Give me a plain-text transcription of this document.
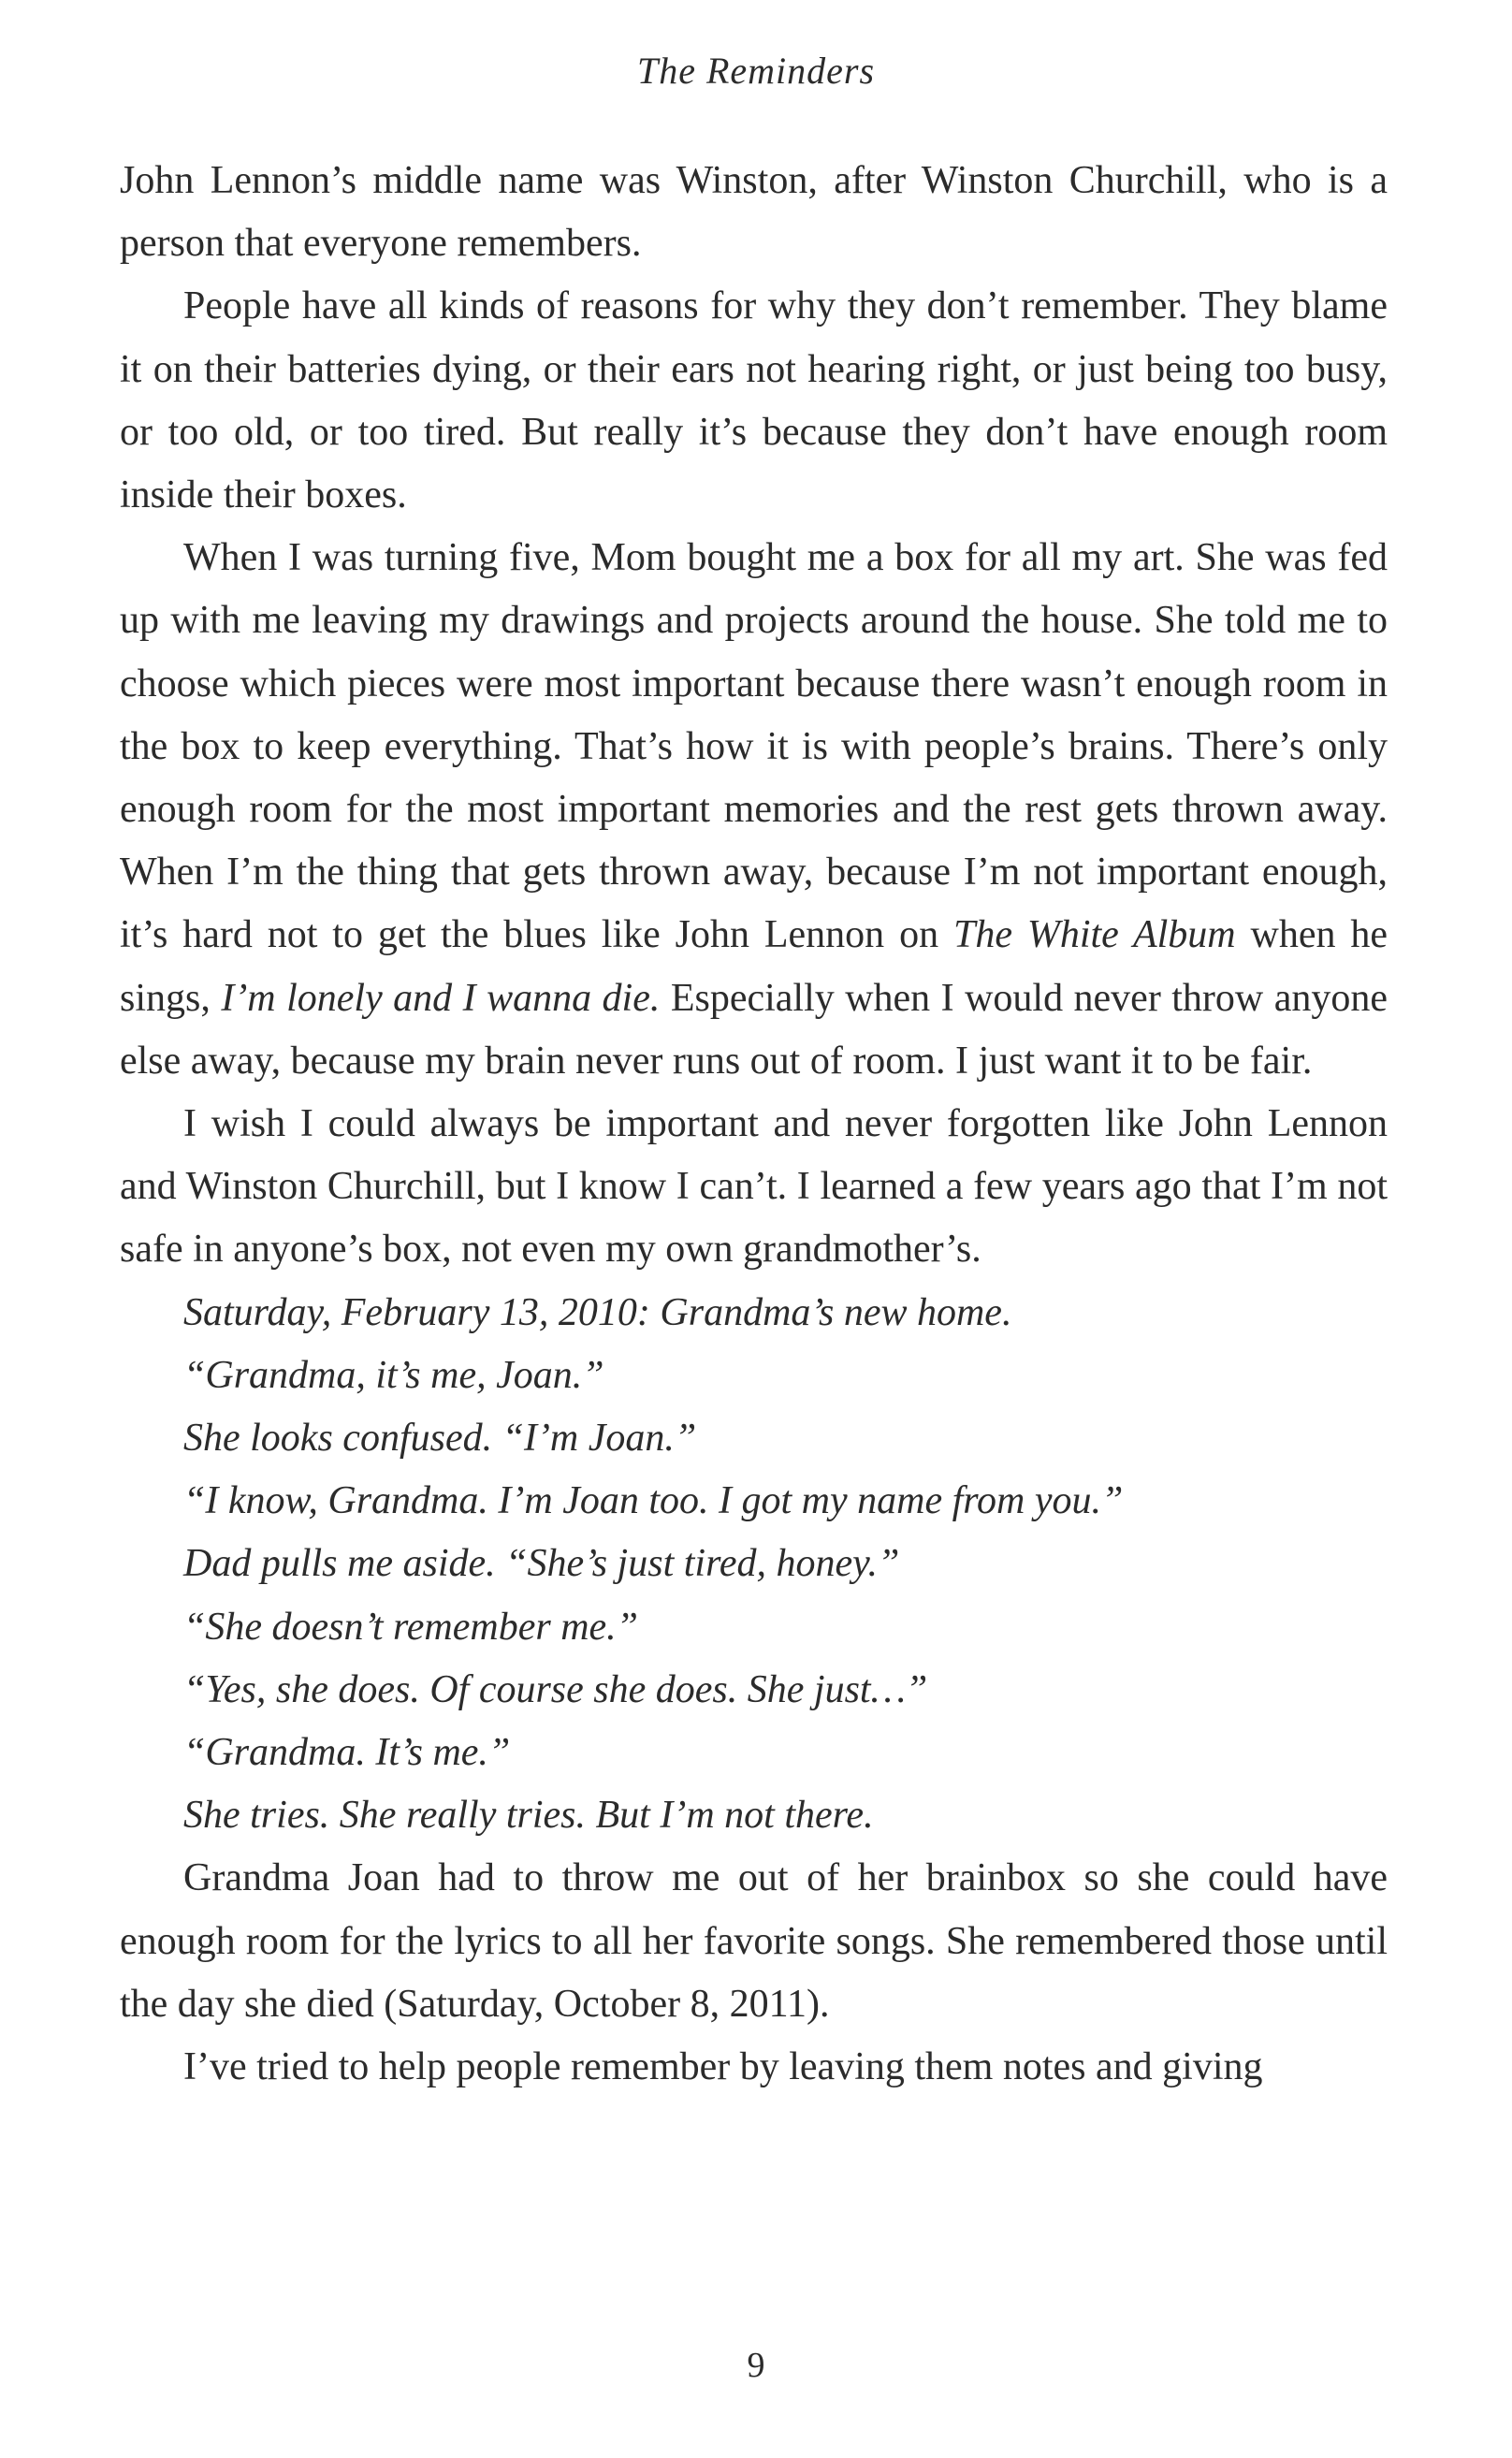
The Reminders

John Lennon’s middle name was Winston, after Winston Churchill, who is a person that everyone remembers.

People have all kinds of reasons for why they don’t remember. They blame it on their batteries dying, or their ears not hearing right, or just being too busy, or too old, or too tired. But really it’s because they don’t have enough room inside their boxes.

When I was turning five, Mom bought me a box for all my art. She was fed up with me leaving my drawings and projects around the house. She told me to choose which pieces were most important because there wasn’t enough room in the box to keep everything. That’s how it is with people’s brains. There’s only enough room for the most important memories and the rest gets thrown away. When I’m the thing that gets thrown away, because I’m not important enough, it’s hard not to get the blues like John Lennon on The White Album when he sings, I’m lonely and I wanna die. Especially when I would never throw anyone else away, because my brain never runs out of room. I just want it to be fair.

I wish I could always be important and never forgotten like John Lennon and Winston Churchill, but I know I can’t. I learned a few years ago that I’m not safe in anyone’s box, not even my own grandmother’s.

Saturday, February 13, 2010: Grandma’s new home.

“Grandma, it’s me, Joan.”

She looks confused. “I’m Joan.”

“I know, Grandma. I’m Joan too. I got my name from you.”

Dad pulls me aside. “She’s just tired, honey.”

“She doesn’t remember me.”

“Yes, she does. Of course she does. She just…”

“Grandma. It’s me.”

She tries. She really tries. But I’m not there.

Grandma Joan had to throw me out of her brainbox so she could have enough room for the lyrics to all her favorite songs. She remembered those until the day she died (Saturday, October 8, 2011).

I’ve tried to help people remember by leaving them notes and giving

9
